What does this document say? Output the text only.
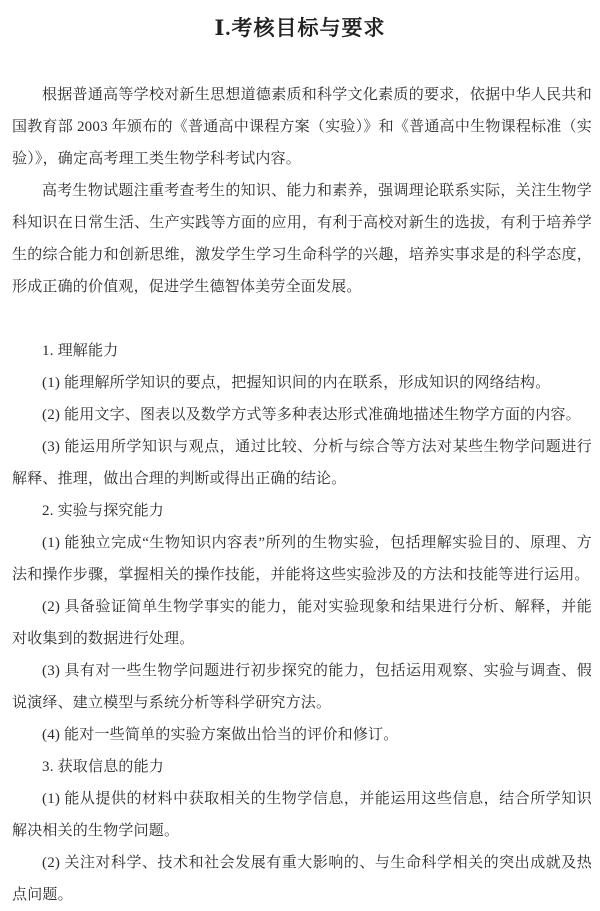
Ⅰ.考核目标与要求

根据普通高等学校对新生思想道德素质和科学文化素质的要求，依据中华人民共和国教育部 2003 年颁布的《普通高中课程方案（实验）》和《普通高中生物课程标准（实验）》，确定高考理工类生物学科考试内容。

高考生物试题注重考查考生的知识、能力和素养，强调理论联系实际，关注生物学科知识在日常生活、生产实践等方面的应用，有利于高校对新生的选拔，有利于培养学生的综合能力和创新思维，激发学生学习生命科学的兴趣，培养实事求是的科学态度，形成正确的价值观，促进学生德智体美劳全面发展。

1. 理解能力

(1) 能理解所学知识的要点，把握知识间的内在联系，形成知识的网络结构。

(2) 能用文字、图表以及数学方式等多种表达形式准确地描述生物学方面的内容。

(3) 能运用所学知识与观点，通过比较、分析与综合等方法对某些生物学问题进行解释、推理，做出合理的判断或得出正确的结论。

2. 实验与探究能力

(1) 能独立完成“生物知识内容表”所列的生物实验，包括理解实验目的、原理、方法和操作步骤，掌握相关的操作技能，并能将这些实验涉及的方法和技能等进行运用。

(2) 具备验证简单生物学事实的能力，能对实验现象和结果进行分析、解释，并能对收集到的数据进行处理。

(3) 具有对一些生物学问题进行初步探究的能力，包括运用观察、实验与调查、假说演绎、建立模型与系统分析等科学研究方法。

(4) 能对一些简单的实验方案做出恰当的评价和修订。

3. 获取信息的能力

(1) 能从提供的材料中获取相关的生物学信息，并能运用这些信息，结合所学知识解决相关的生物学问题。

(2) 关注对科学、技术和社会发展有重大影响的、与生命科学相关的突出成就及热点问题。
